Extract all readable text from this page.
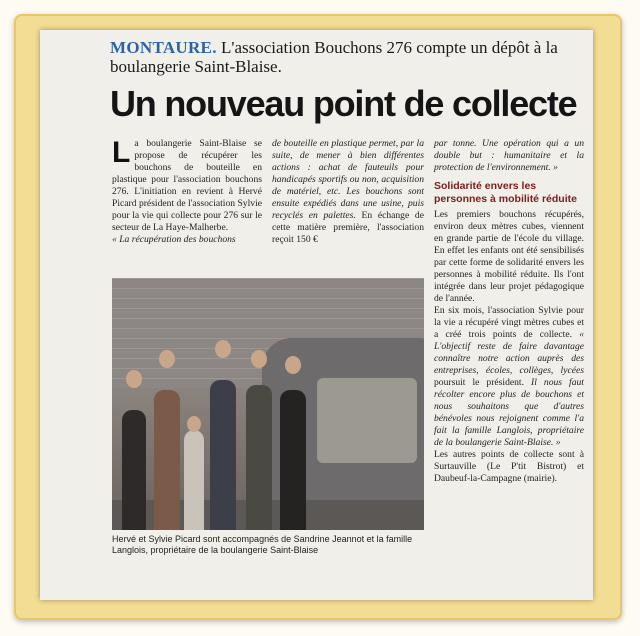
MONTAURE. L'association Bouchons 276 compte un dépôt à la boulangerie Saint-Blaise.
Un nouveau point de collecte

La boulangerie Saint-Blaise se propose de récupérer les bouchons de bouteille en plastique pour l'association bouchons 276. L'initiation en revient à Hervé Picard président de l'association Sylvie pour la vie qui collecte pour 276 sur le secteur de La Haye-Malherbe.

« La récupération des bouchons

de bouteille en plastique permet, par la suite, de mener à bien différentes actions : achat de fauteuils pour handicapés sportifs ou non, acquisition de matériel, etc. Les bouchons sont ensuite expédiés dans une usine, puis recyclés en palettes. En échange de cette matière première, l'association reçoit 150 €

par tonne. Une opération qui a un double but : humanitaire et la protection de l'environnement. »

Solidarité envers les personnes à mobilité réduite

Les premiers bouchons récupérés, environ deux mètres cubes, viennent en grande partie de l'école du village. En effet les enfants ont été sensibilisés par cette forme de solidarité envers les personnes à mobilité réduite. Ils l'ont intégrée dans leur projet pédagogique de l'année.

En six mois, l'association Sylvie pour la vie a récupéré vingt mètres cubes et a créé trois points de collecte. « L'objectif reste de faire davantage connaître notre action auprès des entreprises, écoles, collèges, lycées poursuit le président. Il nous faut récolter encore plus de bouchons et nous souhaitons que d'autres bénévoles nous rejoignent comme l'a fait la famille Langlois, propriétaire de la boulangerie Saint-Blaise. »

Les autres points de collecte sont à Surtauville (Le P'tit Bistrot) et Daubeuf-la-Campagne (mairie).

Hervé et Sylvie Picard sont accompagnés de Sandrine Jeannot et la famille Langlois, propriétaire de la boulangerie Saint-Blaise
